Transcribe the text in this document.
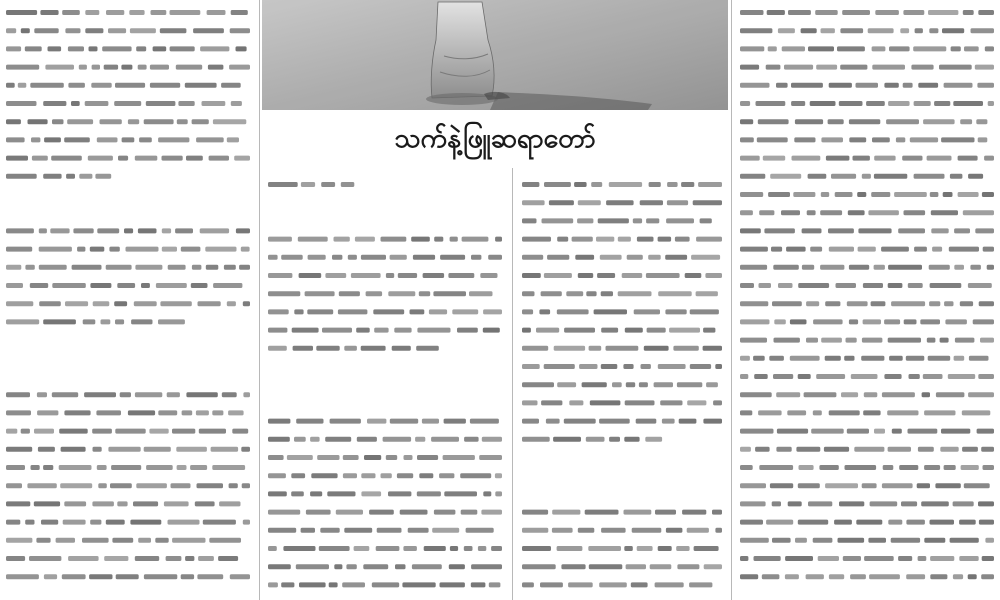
သက်နဲ့ဖြူဆရာတော်
